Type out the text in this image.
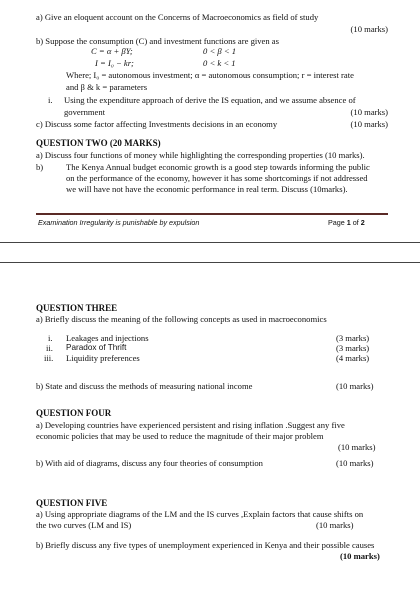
a) Give an eloquent account on the Concerns of Macroeconomics as field of study
(10 marks)
b) Suppose the consumption (C) and investment functions are given as
C = α + βY;	0 < β < 1
I = I₀ − kr;	0 < k < 1
Where; I₀ = autonomous investment; α = autonomous consumption; r = interest rate
and β & k = parameters
i. Using the expenditure approach of derive the IS equation, and we assume absence of
government	(10 marks)
c) Discuss some factor affecting Investments decisions in an economy	(10 marks)
QUESTION TWO (20 MARKS)
a) Discuss four functions of money while highlighting the corresponding properties (10 marks).
b)	The Kenya Annual budget economic growth is a good step towards informing the public
on the performance of the economy, however it has some shortcomings if not addressed
we will have not have the economic performance in real term. Discuss (10marks).
Examination Irregularity is punishable by expulsion	Page 1 of 2
QUESTION THREE
a) Briefly discuss the meaning of the following concepts as used in macroeconomics
i. Leakages and injections	(3 marks)
ii. Paradox of Thrift	(3 marks)
iii. Liquidity preferences	(4 marks)
b) State and discuss the methods of measuring national income	(10 marks)
QUESTION FOUR
a) Developing countries have experienced persistent and rising inflation .Suggest any five
economic policies that may be used to reduce the magnitude of their major problem
(10 marks)
b) With aid of diagrams, discuss any four theories of consumption	(10 marks)
QUESTION FIVE
a) Using appropriate diagrams of the LM and the IS curves ,Explain factors that cause shifts on
the two curves (LM and IS)	(10 marks)
b) Briefly discuss any five types of unemployment experienced in Kenya and their possible causes
(10 marks)
